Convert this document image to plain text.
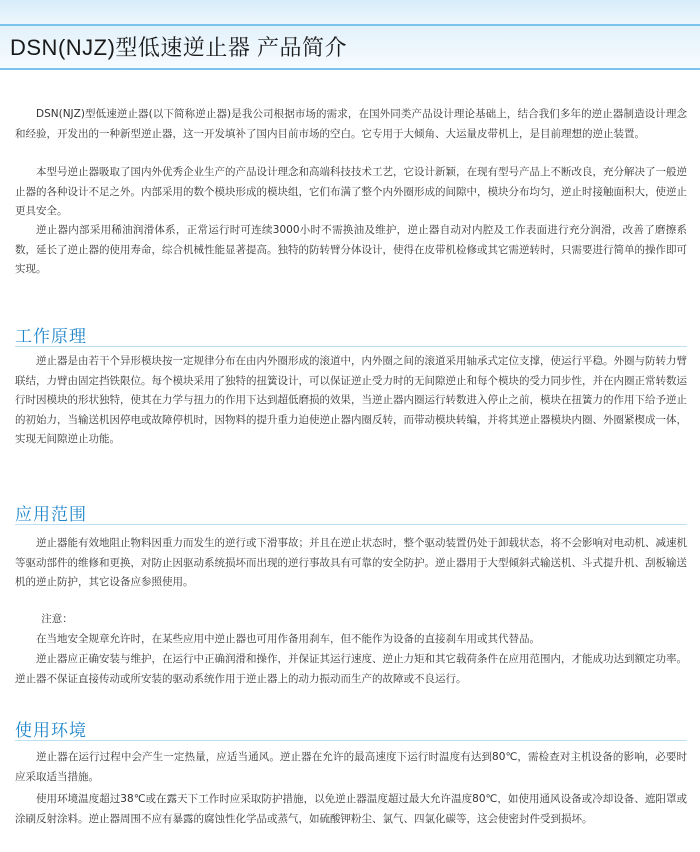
DSN(NJZ)型低速逆止器 产品简介

DSN(NJZ)型低速逆止器(以下简称逆止器)是我公司根据市场的需求，在国外同类产品设计理论基础上，结合我们多年的逆止器制造设计理念和经验，开发出的一种新型逆止器，这一开发填补了国内目前市场的空白。它专用于大倾角、大运量皮带机上，是目前理想的逆止装置。

本型号逆止器吸取了国内外优秀企业生产的产品设计理念和高端科技技术工艺，它设计新颖，在现有型号产品上不断改良，充分解决了一般逆止器的各种设计不足之外。内部采用的数个模块形成的模块组，它们布满了整个内外圈形成的间隙中，模块分布均匀，逆止时接触面积大，使逆止更具安全。

逆止器内部采用稀油润滑体系，正常运行时可连续3000小时不需换油及维护，逆止器自动对内腔及工作表面进行充分润滑，改善了磨擦系数，延长了逆止器的使用寿命，综合机械性能显著提高。独特的防转臂分体设计，使得在皮带机检修或其它需逆转时，只需要进行简单的操作即可实现。

工作原理

逆止器是由若干个异形模块按一定规律分布在由内外圈形成的滚道中，内外圈之间的滚道采用轴承式定位支撑，使运行平稳。外圈与防转力臂联结，力臂由固定挡铁限位。每个模块采用了独特的扭簧设计，可以保证逆止受力时的无间隙逆止和每个模块的受力同步性，并在内圈正常转数运行时因模块的形状独特，使其在力学与扭力的作用下达到超低磨损的效果，当逆止器内圈运行转数进入停止之前，模块在扭簧力的作用下给予逆止的初始力，当输送机因停电或故障停机时，因物料的提升重力迫使逆止器内圈反转，而带动模块转编，并将其逆止器模块内圈、外圈紧楔成一体，实现无间隙逆止功能。

应用范围

逆止器能有效地阻止物料因重力而发生的逆行或下滑事故；并且在逆止状态时，整个驱动装置仍处于卸载状态，将不会影响对电动机、减速机等驱动部件的维修和更换，对防止因驱动系统损坏而出现的逆行事故具有可靠的安全防护。逆止器用于大型倾斜式输送机、斗式提升机、刮板输送机的逆止防护，其它设备应参照使用。

注意：

在当地安全规章允许时，在某些应用中逆止器也可用作备用刹车，但不能作为设备的直接刹车用或其代替品。

逆止器应正确安装与维护，在运行中正确润滑和操作，并保证其运行速度、逆止力矩和其它载荷条件在应用范围内，才能成功达到额定功率。逆止器不保证直接传动或所安装的驱动系统作用于逆止器上的动力振动而生产的故障或不良运行。

使用环境

逆止器在运行过程中会产生一定热量，应适当通风。逆止器在允许的最高速度下运行时温度有达到80℃，需检查对主机设备的影响，必要时应采取适当措施。

使用环境温度超过38℃或在露天下工作时应采取防护措施，以免逆止器温度超过最大允许温度80℃，如使用通风设备或冷却设备、遮阳罩或涂刷反射涂料。逆止器周围不应有暴露的腐蚀性化学品或蒸气，如硫酸钾粉尘、氯气、四氯化碳等，这会使密封件受到损坏。
